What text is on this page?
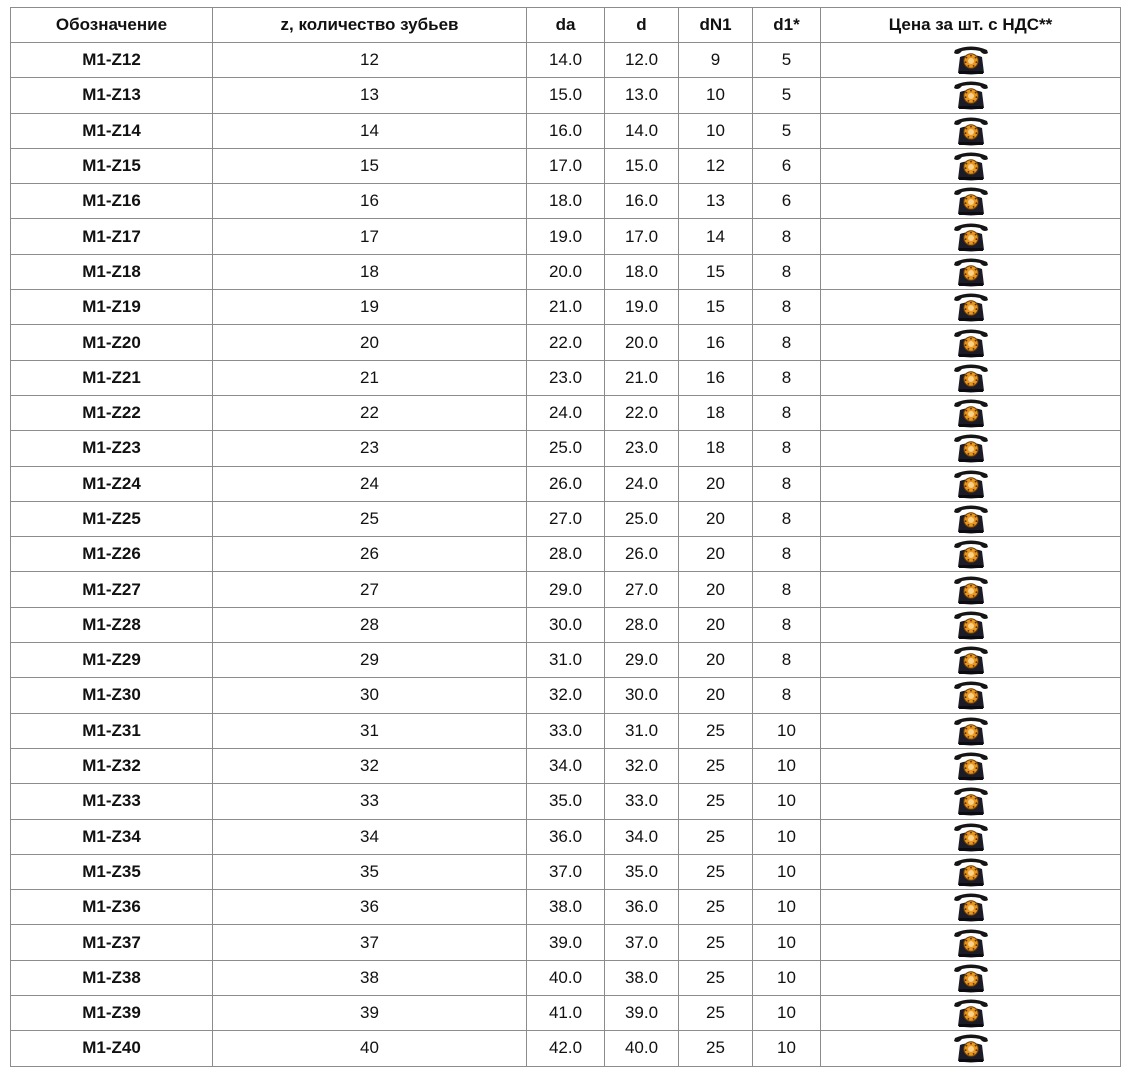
Обозначение	z, количество зубьев	da	d	dN1	d1*	Цена за шт. с НДС**
M1-Z12	12	14.0	12.0	9	5	

M1-Z13	13	15.0	13.0	10	5	

M1-Z14	14	16.0	14.0	10	5	

M1-Z15	15	17.0	15.0	12	6	

M1-Z16	16	18.0	16.0	13	6	

M1-Z17	17	19.0	17.0	14	8	

M1-Z18	18	20.0	18.0	15	8	

M1-Z19	19	21.0	19.0	15	8	

M1-Z20	20	22.0	20.0	16	8	

M1-Z21	21	23.0	21.0	16	8	

M1-Z22	22	24.0	22.0	18	8	

M1-Z23	23	25.0	23.0	18	8	

M1-Z24	24	26.0	24.0	20	8	

M1-Z25	25	27.0	25.0	20	8	

M1-Z26	26	28.0	26.0	20	8	

M1-Z27	27	29.0	27.0	20	8	

M1-Z28	28	30.0	28.0	20	8	

M1-Z29	29	31.0	29.0	20	8	

M1-Z30	30	32.0	30.0	20	8	

M1-Z31	31	33.0	31.0	25	10	

M1-Z32	32	34.0	32.0	25	10	

M1-Z33	33	35.0	33.0	25	10	

M1-Z34	34	36.0	34.0	25	10	

M1-Z35	35	37.0	35.0	25	10	

M1-Z36	36	38.0	36.0	25	10	

M1-Z37	37	39.0	37.0	25	10	

M1-Z38	38	40.0	38.0	25	10	

M1-Z39	39	41.0	39.0	25	10	

M1-Z40	40	42.0	40.0	25	10	
